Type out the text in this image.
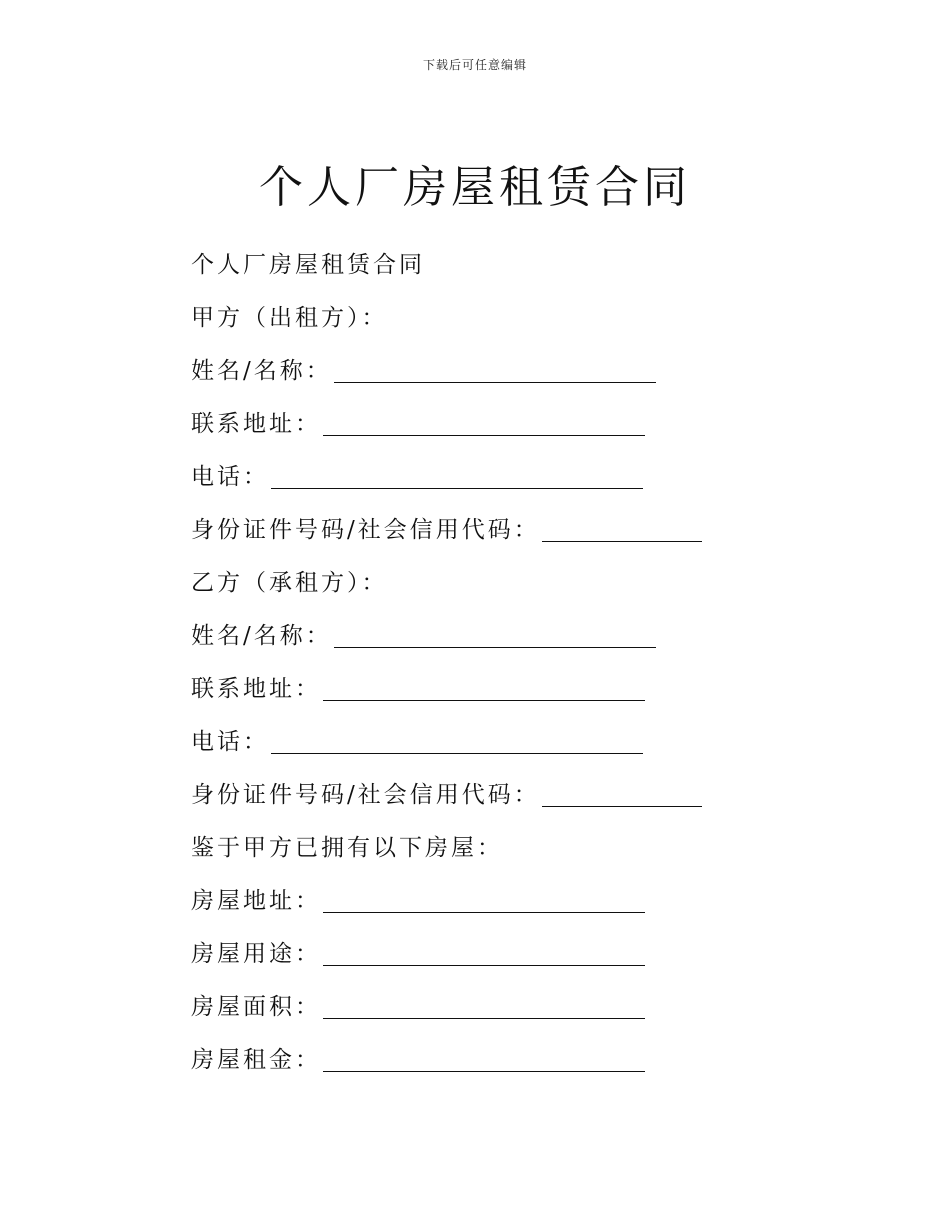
下载后可任意编辑
个人厂房屋租赁合同
个人厂房屋租赁合同
甲方（出租方）：
姓名/名称：
联系地址：
电话：
身份证件号码/社会信用代码：
乙方（承租方）：
姓名/名称：
联系地址：
电话：
身份证件号码/社会信用代码：
鉴于甲方已拥有以下房屋：
房屋地址：
房屋用途：
房屋面积：
房屋租金：
